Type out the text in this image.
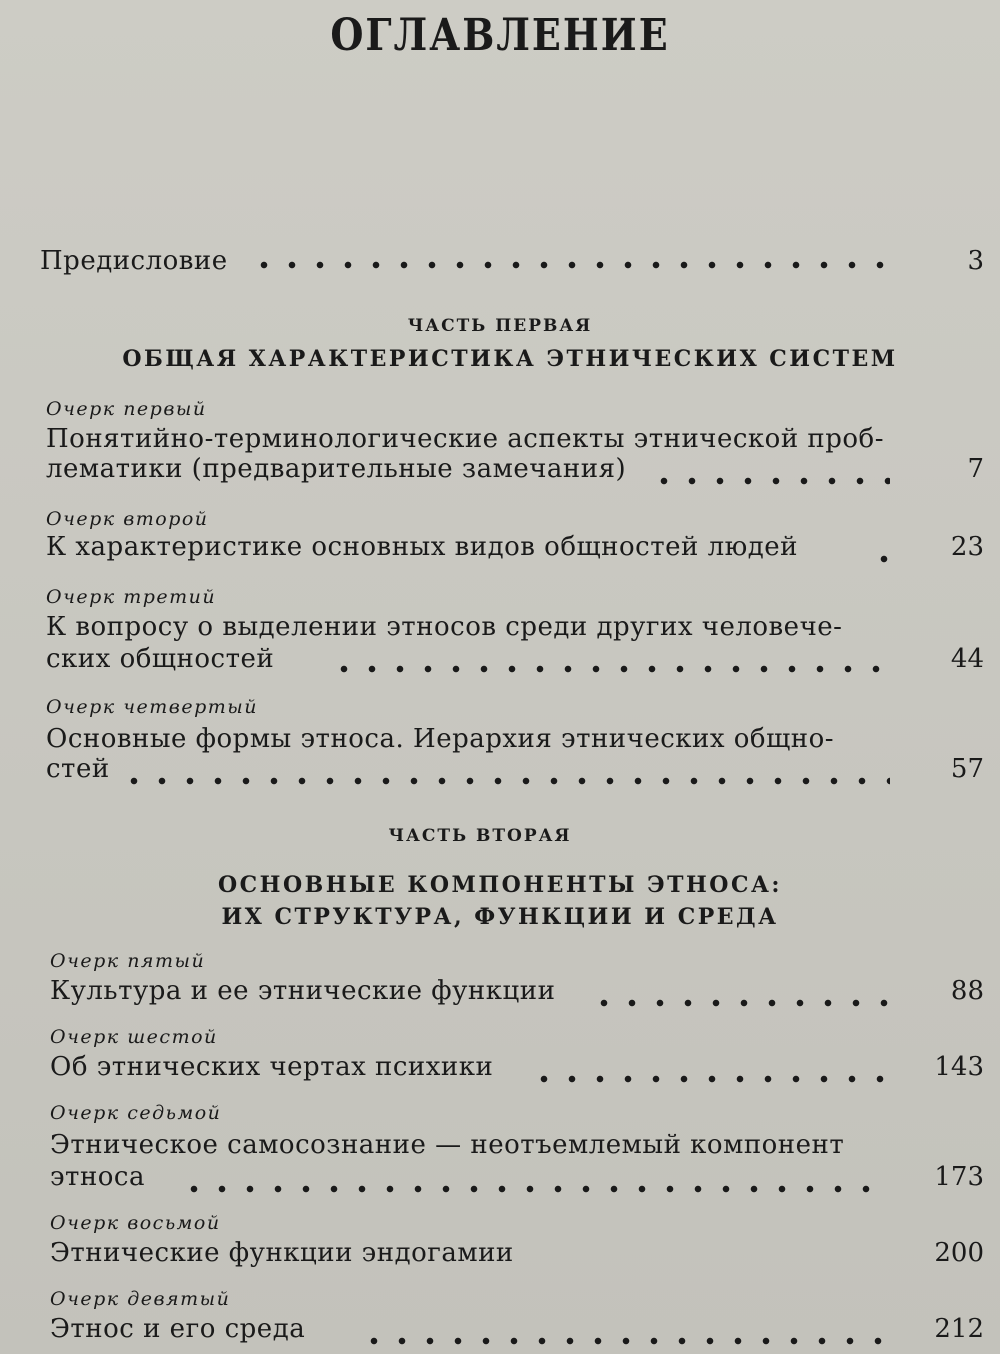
ОГЛАВЛЕНИЕ
Предисловие	3
ЧАСТЬ ПЕРВАЯ
ОБЩАЯ ХАРАКТЕРИСТИКА ЭТНИЧЕСКИХ СИСТЕМ
Очерк первый
Понятийно-терминологические аспекты этнической проб-
лематики (предварительные замечания)	7
Очерк второй
К характеристике основных видов общностей людей	23
Очерк третий
К вопросу о выделении этносов среди других человече-
ских общностей	44
Очерк четвертый
Основные формы этноса. Иерархия этнических общно-
стей	57
ЧАСТЬ ВТОРАЯ
ОСНОВНЫЕ КОМПОНЕНТЫ ЭТНОСА:
ИХ СТРУКТУРА, ФУНКЦИИ И СРЕДА
Очерк пятый
Культура и ее этнические функции	88
Очерк шестой
Об этнических чертах психики	143
Очерк седьмой
Этническое самосознание — неотъемлемый компонент
этноса	173
Очерк восьмой
Этнические функции эндогамии	200
Очерк девятый
Этнос и его среда	212
